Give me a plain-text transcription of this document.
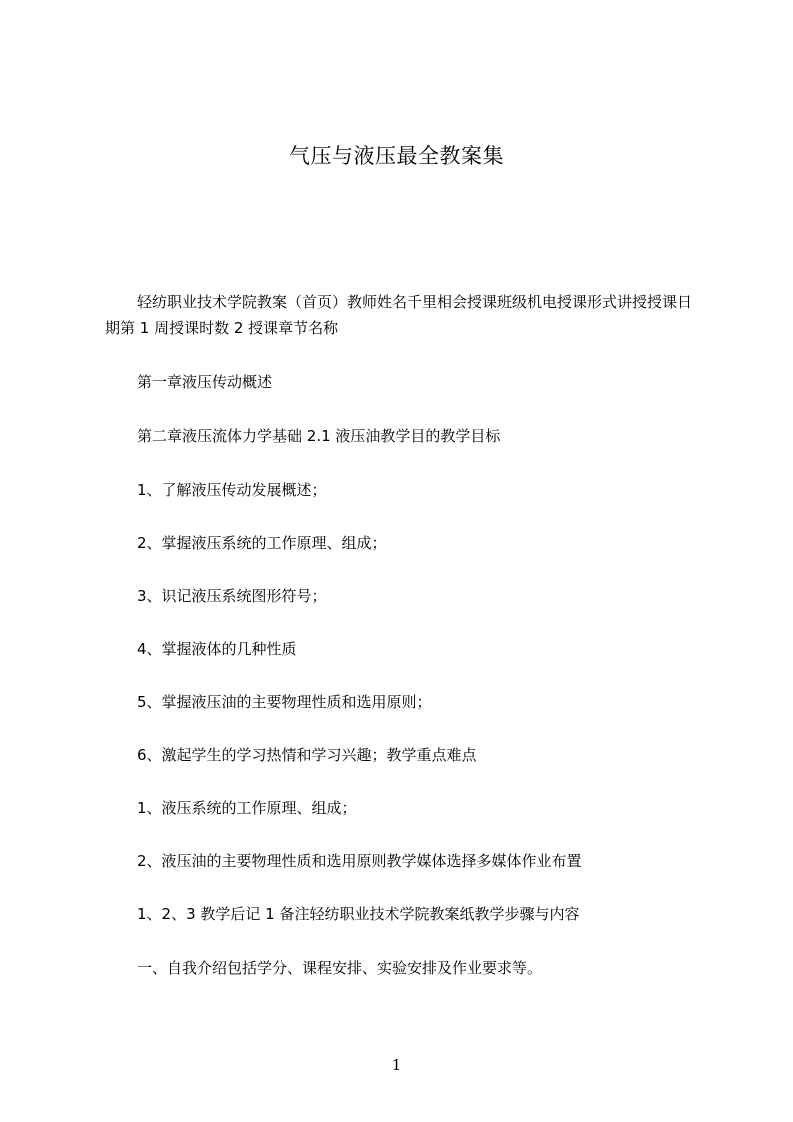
气压与液压最全教案集

轻纺职业技术学院教案（首页）教师姓名千里相会授课班级机电授课形式讲授授课日期第 1 周授课时数 2 授课章节名称

第一章液压传动概述
第二章液压流体力学基础 2.1 液压油教学目的教学目标
1、了解液压传动发展概述；
2、掌握液压系统的工作原理、组成；
3、识记液压系统图形符号；
4、掌握液体的几种性质
5、掌握液压油的主要物理性质和选用原则；
6、激起学生的学习热情和学习兴趣；教学重点难点
1、液压系统的工作原理、组成；
2、液压油的主要物理性质和选用原则教学媒体选择多媒体作业布置
1、2、3 教学后记 1 备注轻纺职业技术学院教案纸教学步骤与内容
一、自我介绍包括学分、课程安排、实验安排及作业要求等。
1
